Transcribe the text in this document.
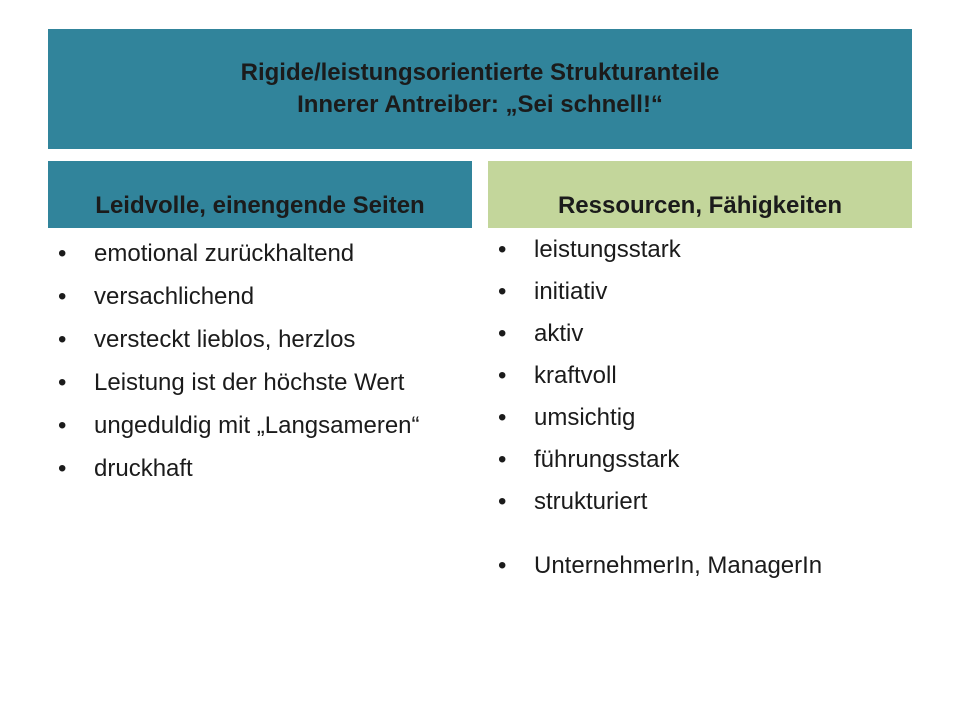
Rigide/leistungsorientierte Strukturanteile
Innerer Antreiber: „Sei schnell!“
Leidvolle, einengende Seiten	Ressourcen, Fähigkeiten
• emotional zurückhaltend
• versachlichend
• versteckt lieblos, herzlos
• Leistung ist der höchste Wert
• ungeduldig mit „Langsameren“
• druckhaft
• leistungsstark
• initiativ
• aktiv
• kraftvoll
• umsichtig
• führungsstark
• strukturiert
• UnternehmerIn, ManagerIn
